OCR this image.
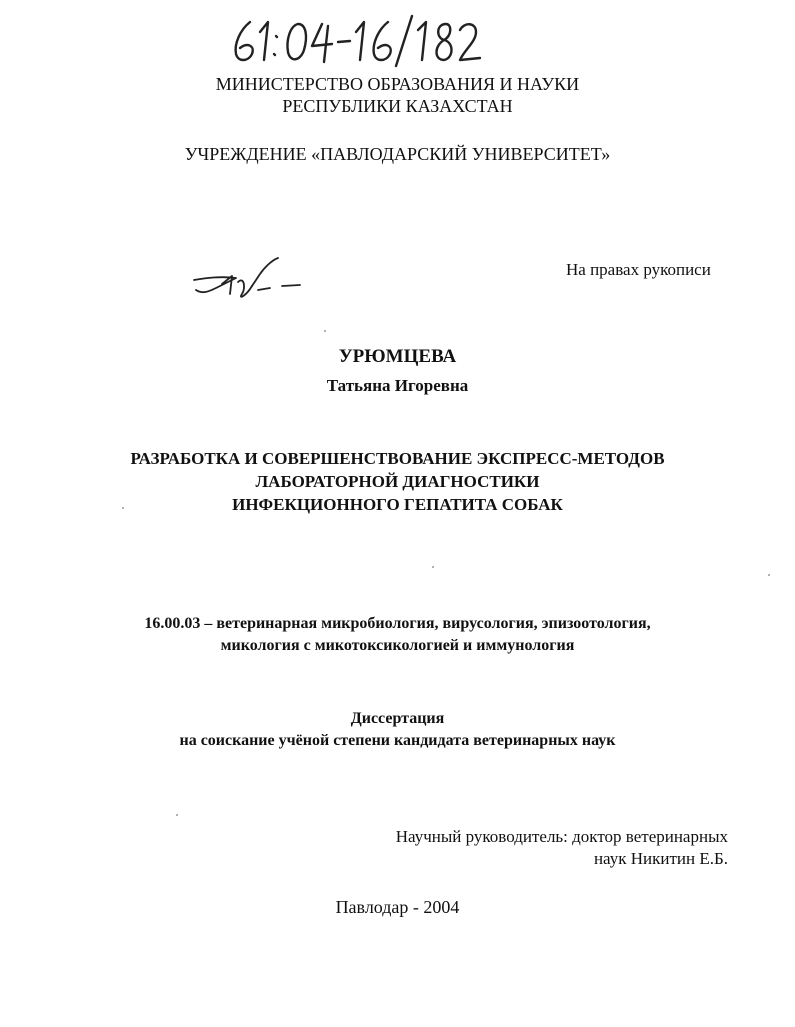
МИНИСТЕРСТВО ОБРАЗОВАНИЯ И НАУКИ
РЕСПУБЛИКИ КАЗАХСТАН
УЧРЕЖДЕНИЕ «ПАВЛОДАРСКИЙ УНИВЕРСИТЕТ»
На правах рукописи
УРЮМЦЕВА
Татьяна Игоревна
РАЗРАБОТКА И СОВЕРШЕНСТВОВАНИЕ ЭКСПРЕСС-МЕТОДОВ
ЛАБОРАТОРНОЙ ДИАГНОСТИКИ
ИНФЕКЦИОННОГО ГЕПАТИТА СОБАК
16.00.03 – ветеринарная микробиология, вирусология, эпизоотология,
микология с микотоксикологией и иммунология
Диссертация
на соискание учёной степени кандидата ветеринарных наук
Научный руководитель: доктор ветеринарных
наук Никитин Е.Б.
Павлодар - 2004
